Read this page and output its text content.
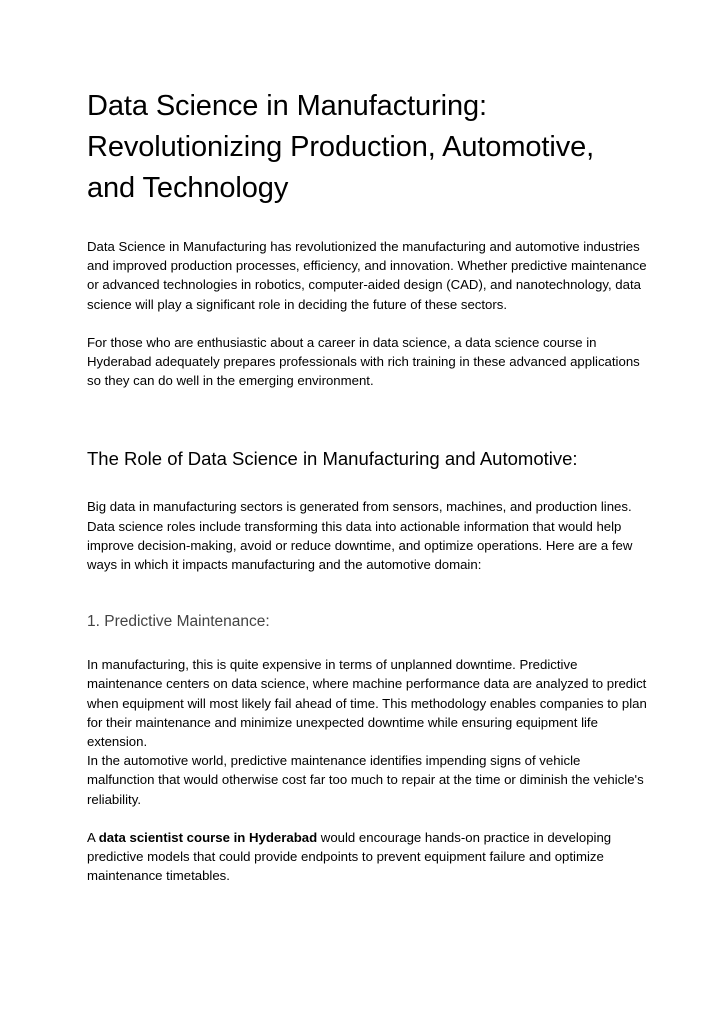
Data Science in Manufacturing: Revolutionizing Production, Automotive, and Technology

Data Science in Manufacturing has revolutionized the manufacturing and automotive industries and improved production processes, efficiency, and innovation. Whether predictive maintenance or advanced technologies in robotics, computer-aided design (CAD), and nanotechnology, data science will play a significant role in deciding the future of these sectors.

For those who are enthusiastic about a career in data science, a data science course in Hyderabad adequately prepares professionals with rich training in these advanced applications so they can do well in the emerging environment.

The Role of Data Science in Manufacturing and Automotive:

Big data in manufacturing sectors is generated from sensors, machines, and production lines. Data science roles include transforming this data into actionable information that would help improve decision-making, avoid or reduce downtime, and optimize operations. Here are a few ways in which it impacts manufacturing and the automotive domain:

1. Predictive Maintenance:

In manufacturing, this is quite expensive in terms of unplanned downtime. Predictive maintenance centers on data science, where machine performance data are analyzed to predict when equipment will most likely fail ahead of time. This methodology enables companies to plan for their maintenance and minimize unexpected downtime while ensuring equipment life extension.

In the automotive world, predictive maintenance identifies impending signs of vehicle malfunction that would otherwise cost far too much to repair at the time or diminish the vehicle's reliability.

A data scientist course in Hyderabad would encourage hands-on practice in developing predictive models that could provide endpoints to prevent equipment failure and optimize maintenance timetables.
